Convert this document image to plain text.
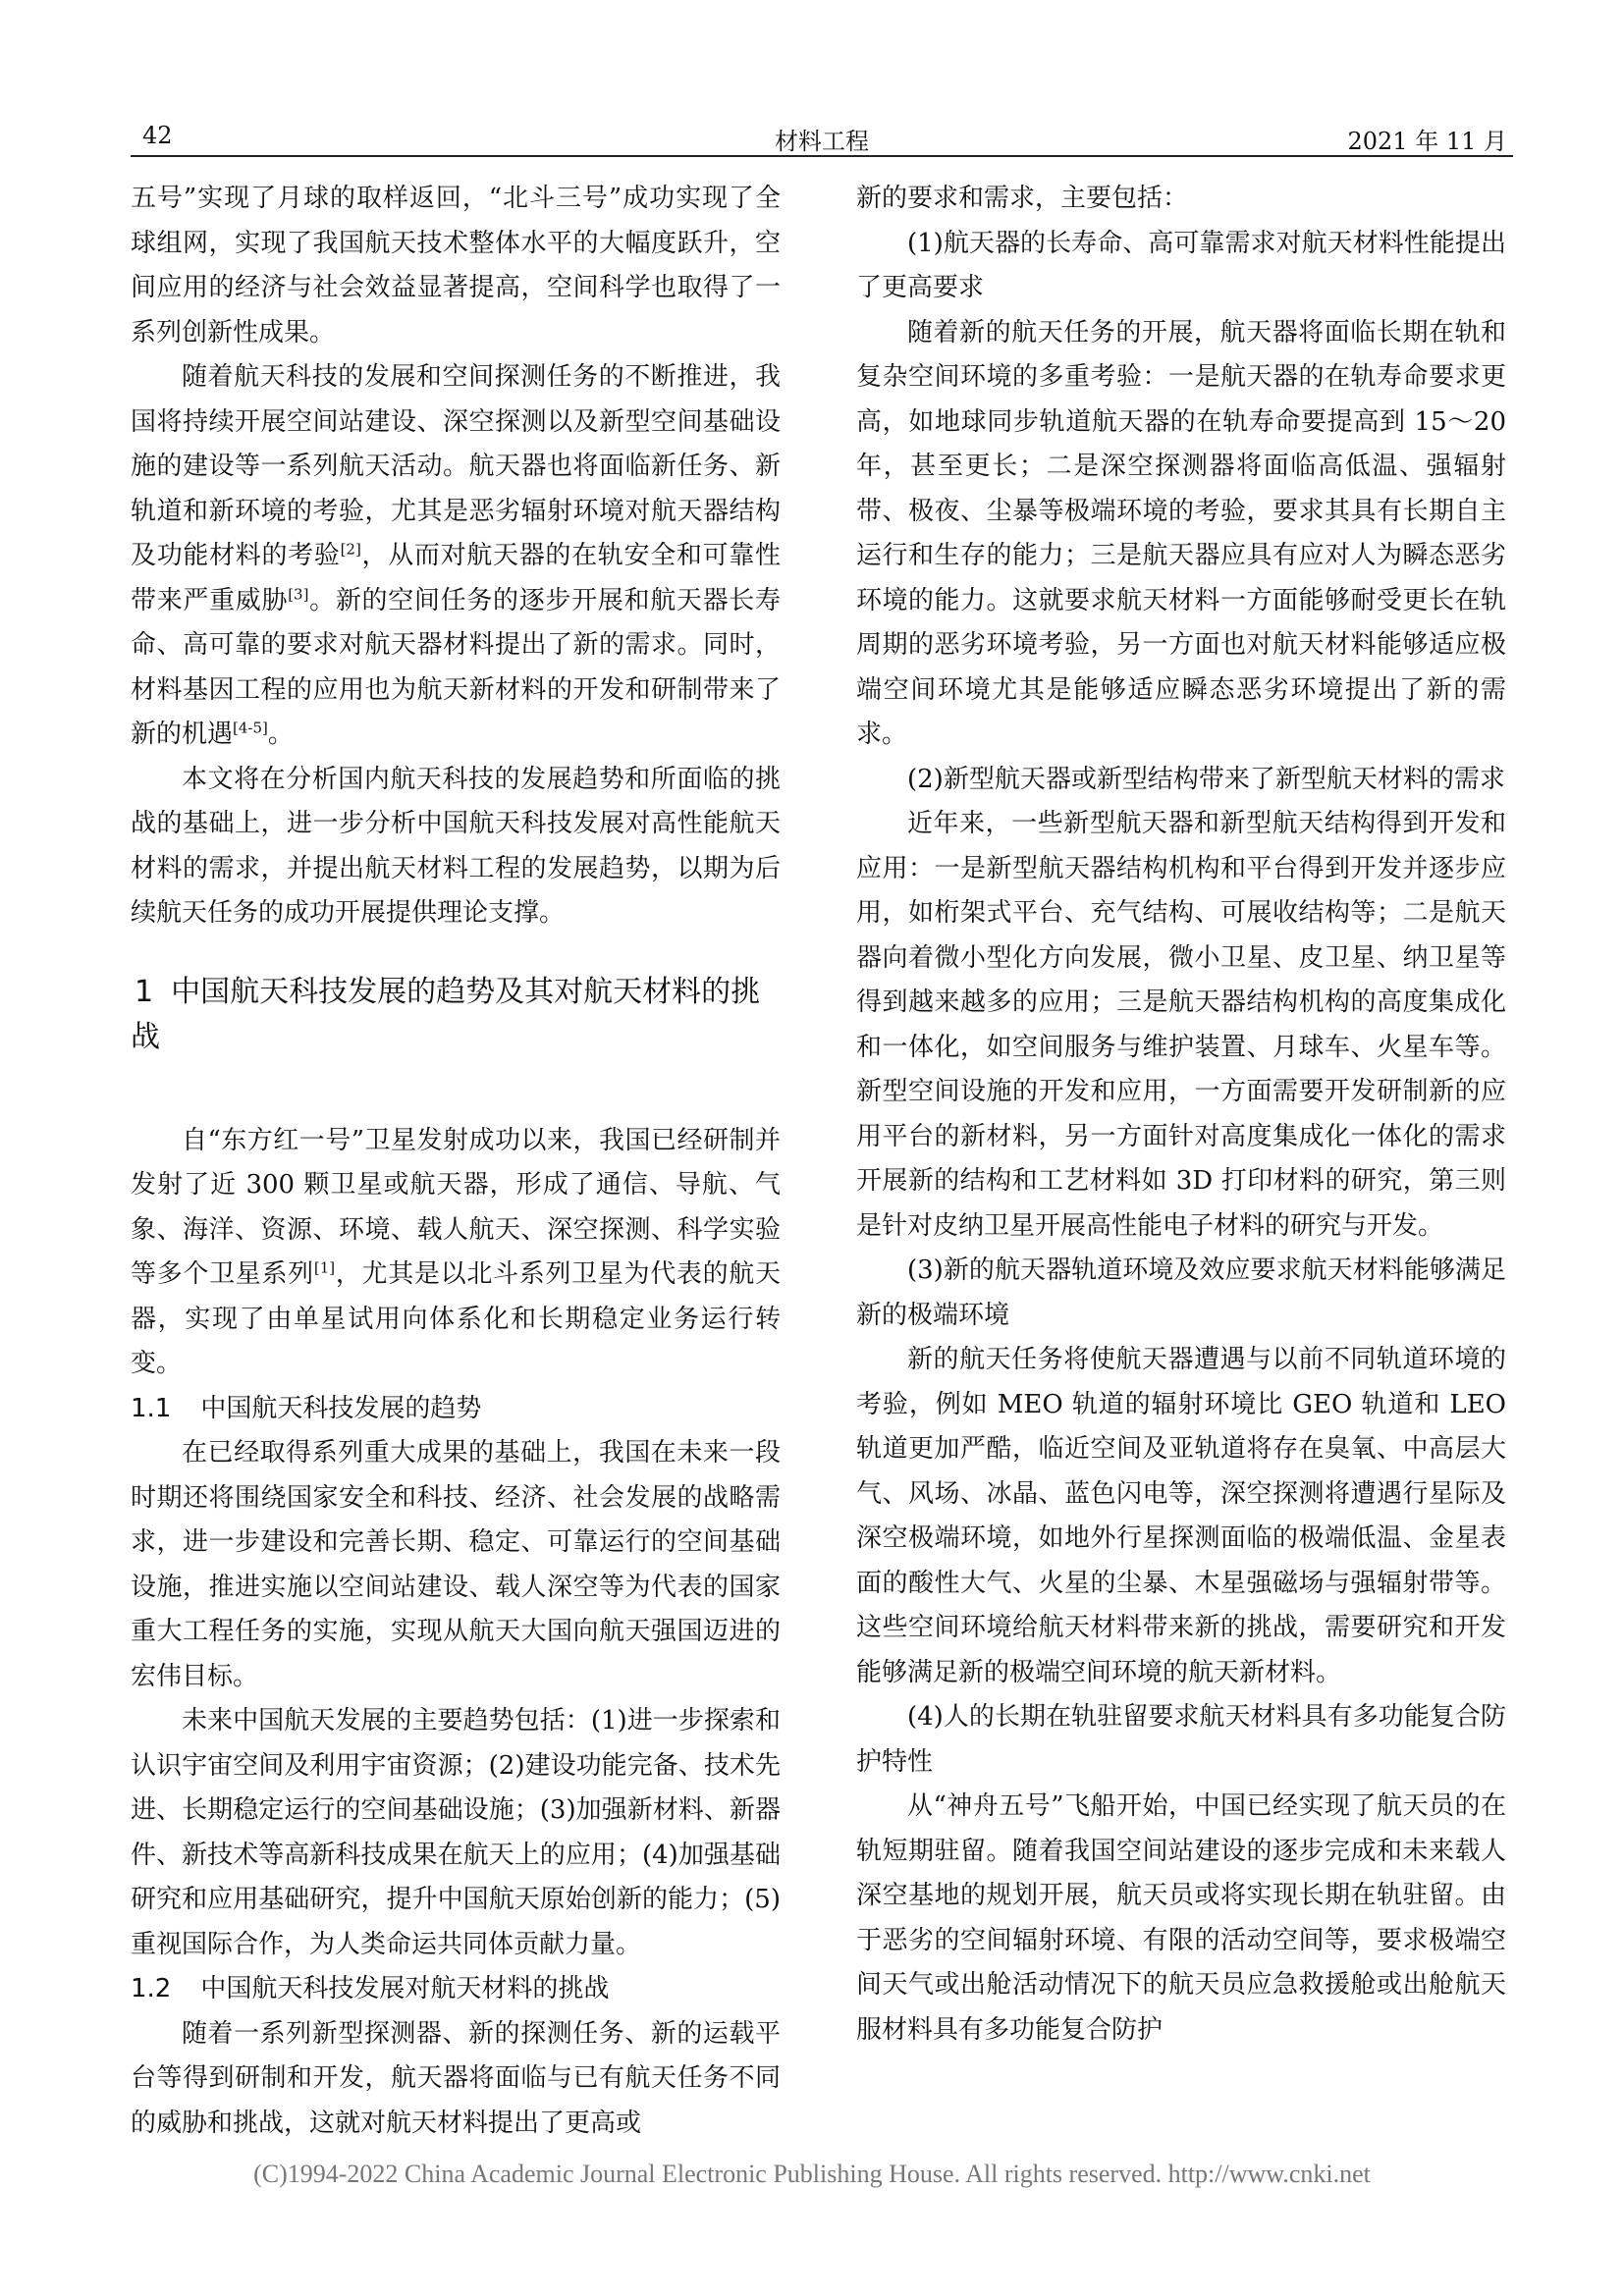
42	材料工程	2021 年 11 月

五号”实现了月球的取样返回，“北斗三号”成功实现了全球组网，实现了我国航天技术整体水平的大幅度跃升，空间应用的经济与社会效益显著提高，空间科学也取得了一系列创新性成果。

随着航天科技的发展和空间探测任务的不断推进，我国将持续开展空间站建设、深空探测以及新型空间基础设施的建设等一系列航天活动。航天器也将面临新任务、新轨道和新环境的考验，尤其是恶劣辐射环境对航天器结构及功能材料的考验[2]，从而对航天器的在轨安全和可靠性带来严重威胁[3]。新的空间任务的逐步开展和航天器长寿命、高可靠的要求对航天器材料提出了新的需求。同时，材料基因工程的应用也为航天新材料的开发和研制带来了新的机遇[4-5]。

本文将在分析国内航天科技的发展趋势和所面临的挑战的基础上，进一步分析中国航天科技发展对高性能航天材料的需求，并提出航天材料工程的发展趋势，以期为后续航天任务的成功开展提供理论支撑。

1 中国航天科技发展的趋势及其对航天材料的挑战

自“东方红一号”卫星发射成功以来，我国已经研制并发射了近 300 颗卫星或航天器，形成了通信、导航、气象、海洋、资源、环境、载人航天、深空探测、科学实验等多个卫星系列[1]，尤其是以北斗系列卫星为代表的航天器，实现了由单星试用向体系化和长期稳定业务运行转变。

1.1 中国航天科技发展的趋势

在已经取得系列重大成果的基础上，我国在未来一段时期还将围绕国家安全和科技、经济、社会发展的战略需求，进一步建设和完善长期、稳定、可靠运行的空间基础设施，推进实施以空间站建设、载人深空等为代表的国家重大工程任务的实施，实现从航天大国向航天强国迈进的宏伟目标。

未来中国航天发展的主要趋势包括：(1)进一步探索和认识宇宙空间及利用宇宙资源；(2)建设功能完备、技术先进、长期稳定运行的空间基础设施；(3)加强新材料、新器件、新技术等高新科技成果在航天上的应用；(4)加强基础研究和应用基础研究，提升中国航天原始创新的能力；(5)重视国际合作，为人类命运共同体贡献力量。

1.2 中国航天科技发展对航天材料的挑战

随着一系列新型探测器、新的探测任务、新的运载平台等得到研制和开发，航天器将面临与已有航天任务不同的威胁和挑战，这就对航天材料提出了更高或

新的要求和需求，主要包括：

(1)航天器的长寿命、高可靠需求对航天材料性能提出了更高要求

随着新的航天任务的开展，航天器将面临长期在轨和复杂空间环境的多重考验：一是航天器的在轨寿命要求更高，如地球同步轨道航天器的在轨寿命要提高到 15～20 年，甚至更长；二是深空探测器将面临高低温、强辐射带、极夜、尘暴等极端环境的考验，要求其具有长期自主运行和生存的能力；三是航天器应具有应对人为瞬态恶劣环境的能力。这就要求航天材料一方面能够耐受更长在轨周期的恶劣环境考验，另一方面也对航天材料能够适应极端空间环境尤其是能够适应瞬态恶劣环境提出了新的需求。

(2)新型航天器或新型结构带来了新型航天材料的需求

近年来，一些新型航天器和新型航天结构得到开发和应用：一是新型航天器结构机构和平台得到开发并逐步应用，如桁架式平台、充气结构、可展收结构等；二是航天器向着微小型化方向发展，微小卫星、皮卫星、纳卫星等得到越来越多的应用；三是航天器结构机构的高度集成化和一体化，如空间服务与维护装置、月球车、火星车等。新型空间设施的开发和应用，一方面需要开发研制新的应用平台的新材料，另一方面针对高度集成化一体化的需求开展新的结构和工艺材料如 3D 打印材料的研究，第三则是针对皮纳卫星开展高性能电子材料的研究与开发。

(3)新的航天器轨道环境及效应要求航天材料能够满足新的极端环境

新的航天任务将使航天器遭遇与以前不同轨道环境的考验，例如 MEO 轨道的辐射环境比 GEO 轨道和 LEO 轨道更加严酷，临近空间及亚轨道将存在臭氧、中高层大气、风场、冰晶、蓝色闪电等，深空探测将遭遇行星际及深空极端环境，如地外行星探测面临的极端低温、金星表面的酸性大气、火星的尘暴、木星强磁场与强辐射带等。这些空间环境给航天材料带来新的挑战，需要研究和开发能够满足新的极端空间环境的航天新材料。

(4)人的长期在轨驻留要求航天材料具有多功能复合防护特性

从“神舟五号”飞船开始，中国已经实现了航天员的在轨短期驻留。随着我国空间站建设的逐步完成和未来载人深空基地的规划开展，航天员或将实现长期在轨驻留。由于恶劣的空间辐射环境、有限的活动空间等，要求极端空间天气或出舱活动情况下的航天员应急救援舱或出舱航天服材料具有多功能复合防护

(C)1994-2022 China Academic Journal Electronic Publishing House. All rights reserved. http://www.cnki.net
